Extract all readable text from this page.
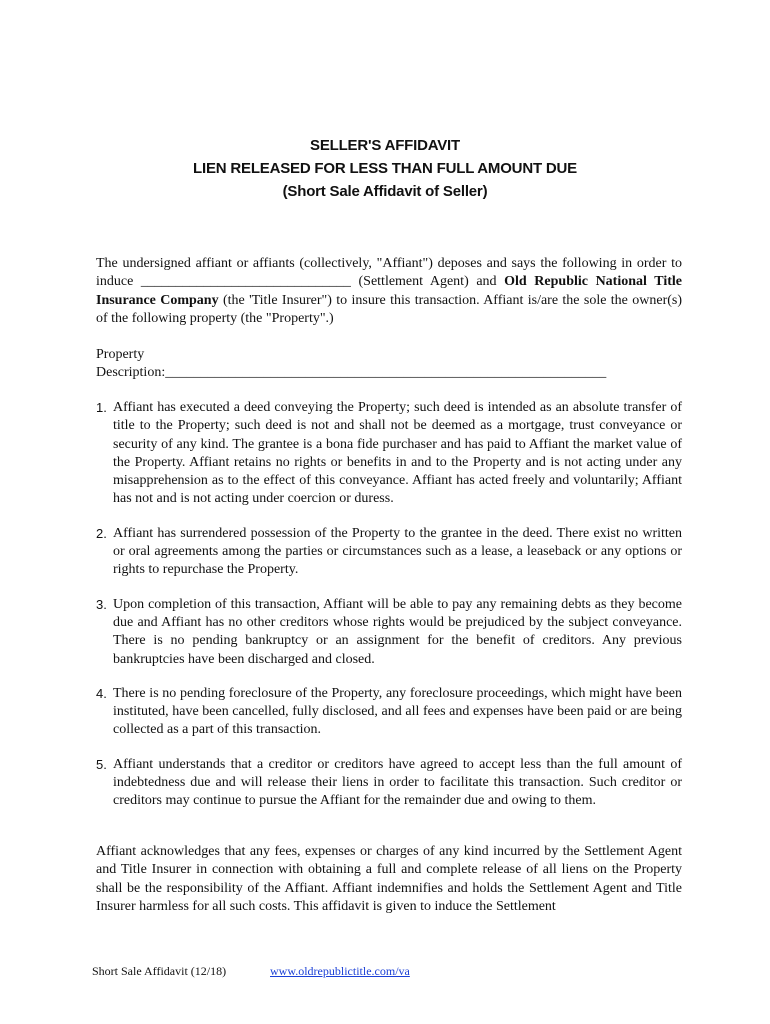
SELLER'S AFFIDAVIT
LIEN RELEASED FOR LESS THAN FULL AMOUNT DUE
(Short Sale Affidavit of Seller)
The undersigned affiant or affiants (collectively, "Affiant") deposes and says the following in order to induce ______________________________ (Settlement Agent) and Old Republic National Title Insurance Company (the 'Title Insurer") to insure this transaction. Affiant is/are the sole the owner(s) of the following property (the "Property".)
Property
Description:_______________________________________________________________
1. Affiant has executed a deed conveying the Property; such deed is intended as an absolute transfer of title to the Property; such deed is not and shall not be deemed as a mortgage, trust conveyance or security of any kind. The grantee is a bona fide purchaser and has paid to Affiant the market value of the Property. Affiant retains no rights or benefits in and to the Property and is not acting under any misapprehension as to the effect of this conveyance. Affiant has acted freely and voluntarily; Affiant has not and is not acting under coercion or duress.
2. Affiant has surrendered possession of the Property to the grantee in the deed. There exist no written or oral agreements among the parties or circumstances such as a lease, a leaseback or any options or rights to repurchase the Property.
3. Upon completion of this transaction, Affiant will be able to pay any remaining debts as they become due and Affiant has no other creditors whose rights would be prejudiced by the subject conveyance. There is no pending bankruptcy or an assignment for the benefit of creditors. Any previous bankruptcies have been discharged and closed.
4. There is no pending foreclosure of the Property, any foreclosure proceedings, which might have been instituted, have been cancelled, fully disclosed, and all fees and expenses have been paid or are being collected as a part of this transaction.
5. Affiant understands that a creditor or creditors have agreed to accept less than the full amount of indebtedness due and will release their liens in order to facilitate this transaction. Such creditor or creditors may continue to pursue the Affiant for the remainder due and owing to them.
Affiant acknowledges that any fees, expenses or charges of any kind incurred by the Settlement Agent and Title Insurer in connection with obtaining a full and complete release of all liens on the Property shall be the responsibility of the Affiant. Affiant indemnifies and holds the Settlement Agent and Title Insurer harmless for all such costs. This affidavit is given to induce the Settlement
Short Sale Affidavit (12/18)	www.oldrepublictitle.com/va
